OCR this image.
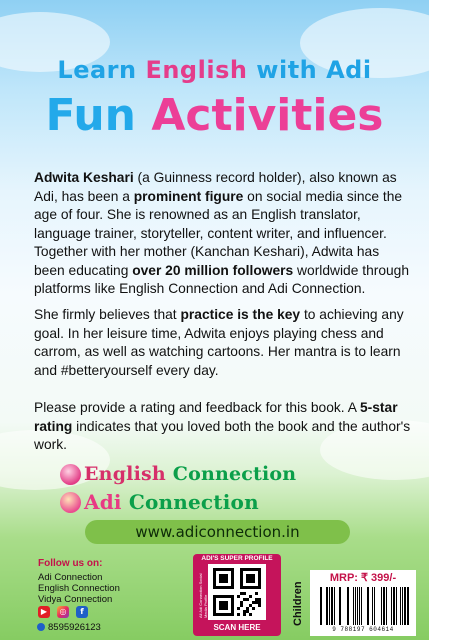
Learn English with Adi
Fun Activities

Adwita Keshari (a Guinness record holder), also known as Adi, has been a prominent figure on social media since the age of four. She is renowned as an English translator, language trainer, storyteller, content writer, and influencer. Together with her mother (Kanchan Keshari), Adwita has been educating over 20 million followers worldwide through platforms like English Connection and Adi Connection.

She firmly believes that practice is the key to achieving any goal. In her leisure time, Adwita enjoys playing chess and carrom, as well as watching cartoons. Her mantra is to learn and #betteryourself every day.

Please provide a rating and feedback for this book. A 5-star rating indicates that you loved both the book and the author's work.

English Connection
Adi Connection
www.adiconnection.in
Follow us on:
Adi Connection
English Connection
Vidya Connection
▶	◎	f
8595926123
ADI'S SUPER PROFILE
All Adi Connection Social Media Profile
SCAN HERE
Children
MRP: ₹ 399/-
9 788197 604614
